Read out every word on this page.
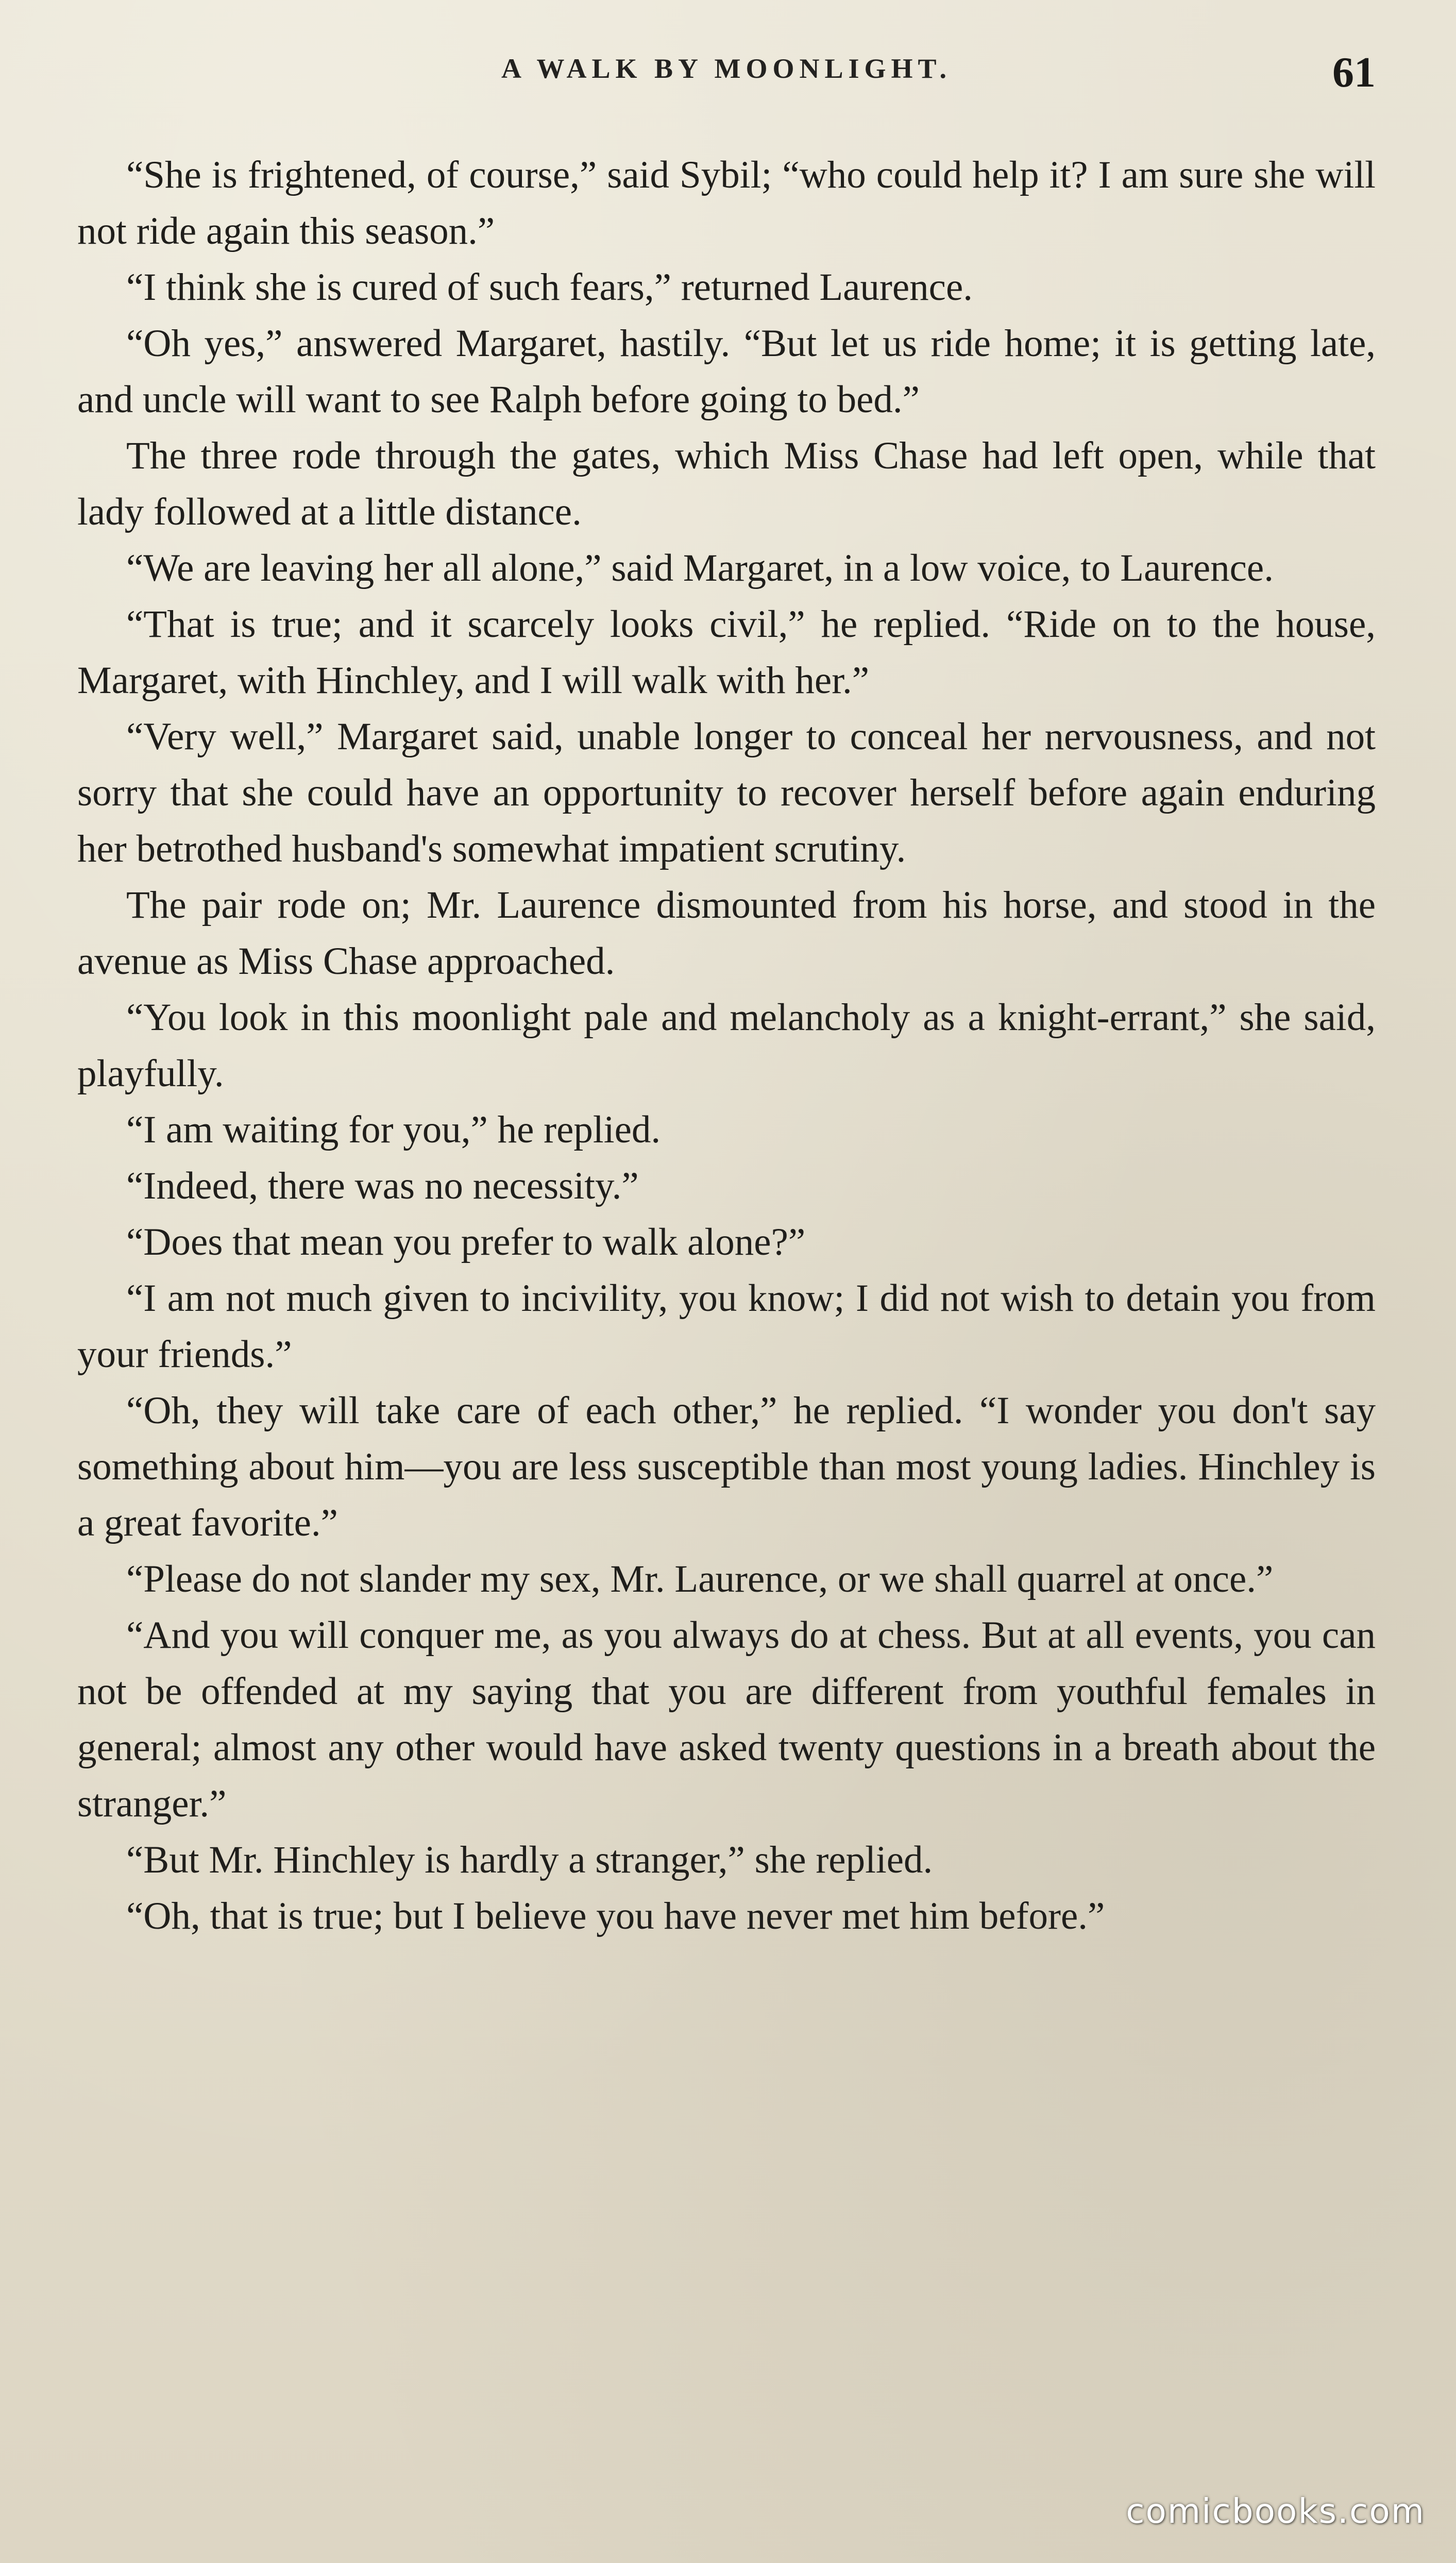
A WALK BY MOONLIGHT.	61

“She is frightened, of course,” said Sybil; “who could help it? I am sure she will not ride again this season.”

“I think she is cured of such fears,” returned Laurence.

“Oh yes,” answered Margaret, hastily. “But let us ride home; it is getting late, and uncle will want to see Ralph before going to bed.”

The three rode through the gates, which Miss Chase had left open, while that lady followed at a little distance.

“We are leaving her all alone,” said Margaret, in a low voice, to Laurence.

“That is true; and it scarcely looks civil,” he replied. “Ride on to the house, Margaret, with Hinchley, and I will walk with her.”

“Very well,” Margaret said, unable longer to conceal her nervousness, and not sorry that she could have an opportunity to recover herself before again enduring her betrothed husband's somewhat impatient scrutiny.

The pair rode on; Mr. Laurence dismounted from his horse, and stood in the avenue as Miss Chase approached.

“You look in this moonlight pale and melancholy as a knight-errant,” she said, playfully.

“I am waiting for you,” he replied.

“Indeed, there was no necessity.”

“Does that mean you prefer to walk alone?”

“I am not much given to incivility, you know; I did not wish to detain you from your friends.”

“Oh, they will take care of each other,” he replied. “I wonder you don't say something about him—you are less susceptible than most young ladies. Hinchley is a great favorite.”

“Please do not slander my sex, Mr. Laurence, or we shall quarrel at once.”

“And you will conquer me, as you always do at chess. But at all events, you can not be offended at my saying that you are different from youthful females in general; almost any other would have asked twenty questions in a breath about the stranger.”

“But Mr. Hinchley is hardly a stranger,” she replied.

“Oh, that is true; but I believe you have never met him before.”

comicbooks.com
